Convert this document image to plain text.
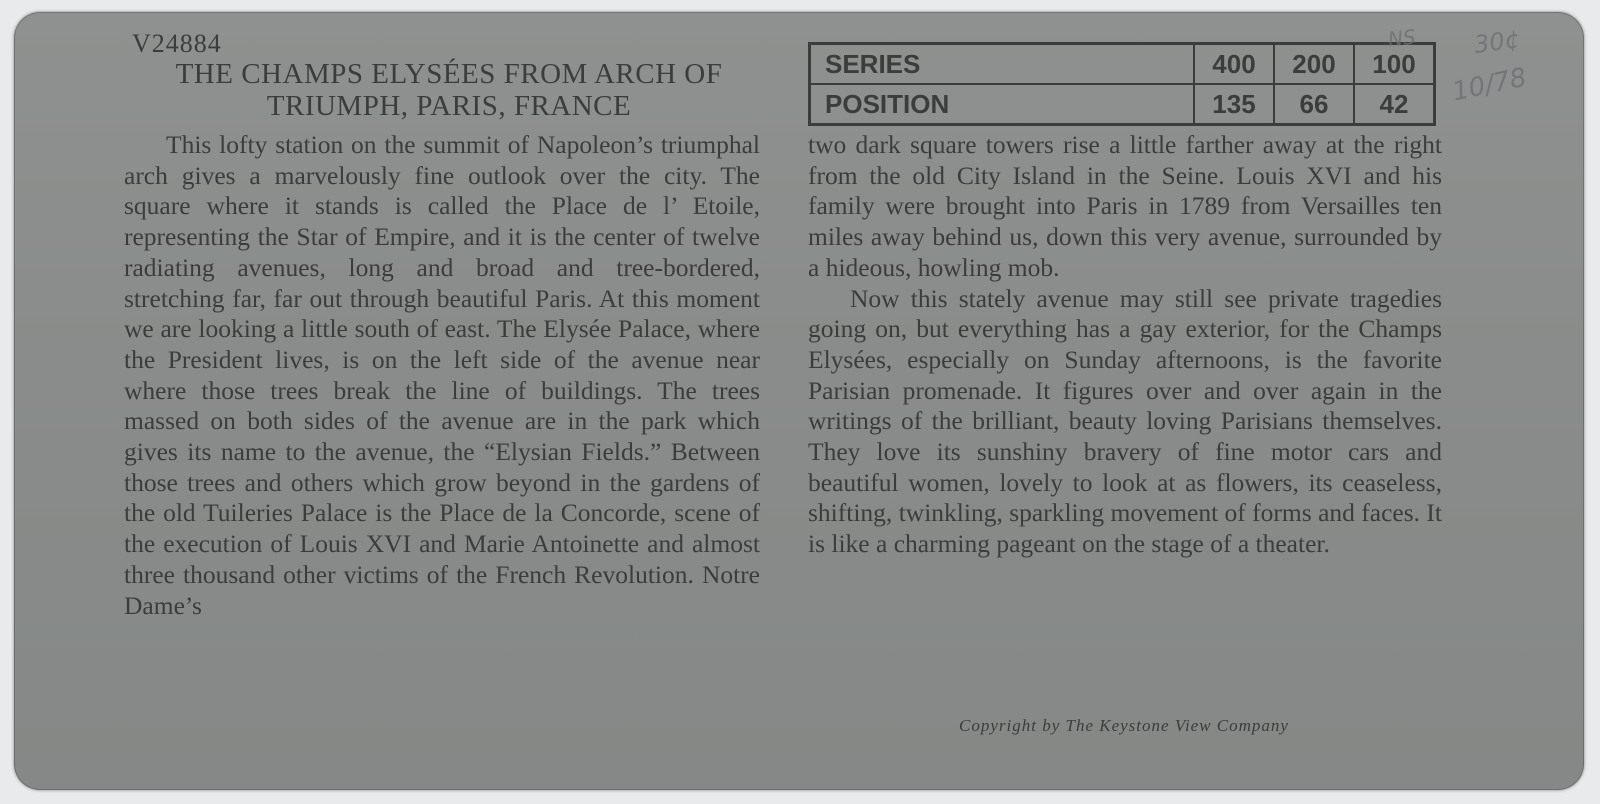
V24884
THE CHAMPS ELYSÉES FROM ARCH OF TRIUMPH, PARIS, FRANCE
SERIES	400	200	100
POSITION	135	66	42

This lofty station on the summit of Napoleon’s triumphal arch gives a marvelously fine outlook over the city. The square where it stands is called the Place de l’ Etoile, representing the Star of Empire, and it is the center of twelve radiating avenues, long and broad and tree-bordered, stretching far, far out through beautiful Paris. At this moment we are looking a little south of east. The Elysée Palace, where the President lives, is on the left side of the avenue near where those trees break the line of buildings. The trees massed on both sides of the avenue are in the park which gives its name to the avenue, the “Elysian Fields.” Between those trees and others which grow beyond in the gardens of the old Tuileries Palace is the Place de la Concorde, scene of the execution of Louis XVI and Marie Antoinette and almost three thousand other victims of the French Revolution. Notre Dame’s

two dark square towers rise a little farther away at the right from the old City Island in the Seine. Louis XVI and his family were brought into Paris in 1789 from Versailles ten miles away behind us, down this very avenue, surrounded by a hideous, howling mob.

Now this stately avenue may still see private tragedies going on, but everything has a gay exterior, for the Champs Elysées, especially on Sunday afternoons, is the favorite Parisian promenade. It figures over and over again in the writings of the brilliant, beauty loving Parisians themselves. They love its sunshiny bravery of fine motor cars and beautiful women, lovely to look at as flowers, its ceaseless, shifting, twinkling, sparkling movement of forms and faces. It is like a charming pageant on the stage of a theater.

Copyright by The Keystone View Company
NS 30¢
10/78
